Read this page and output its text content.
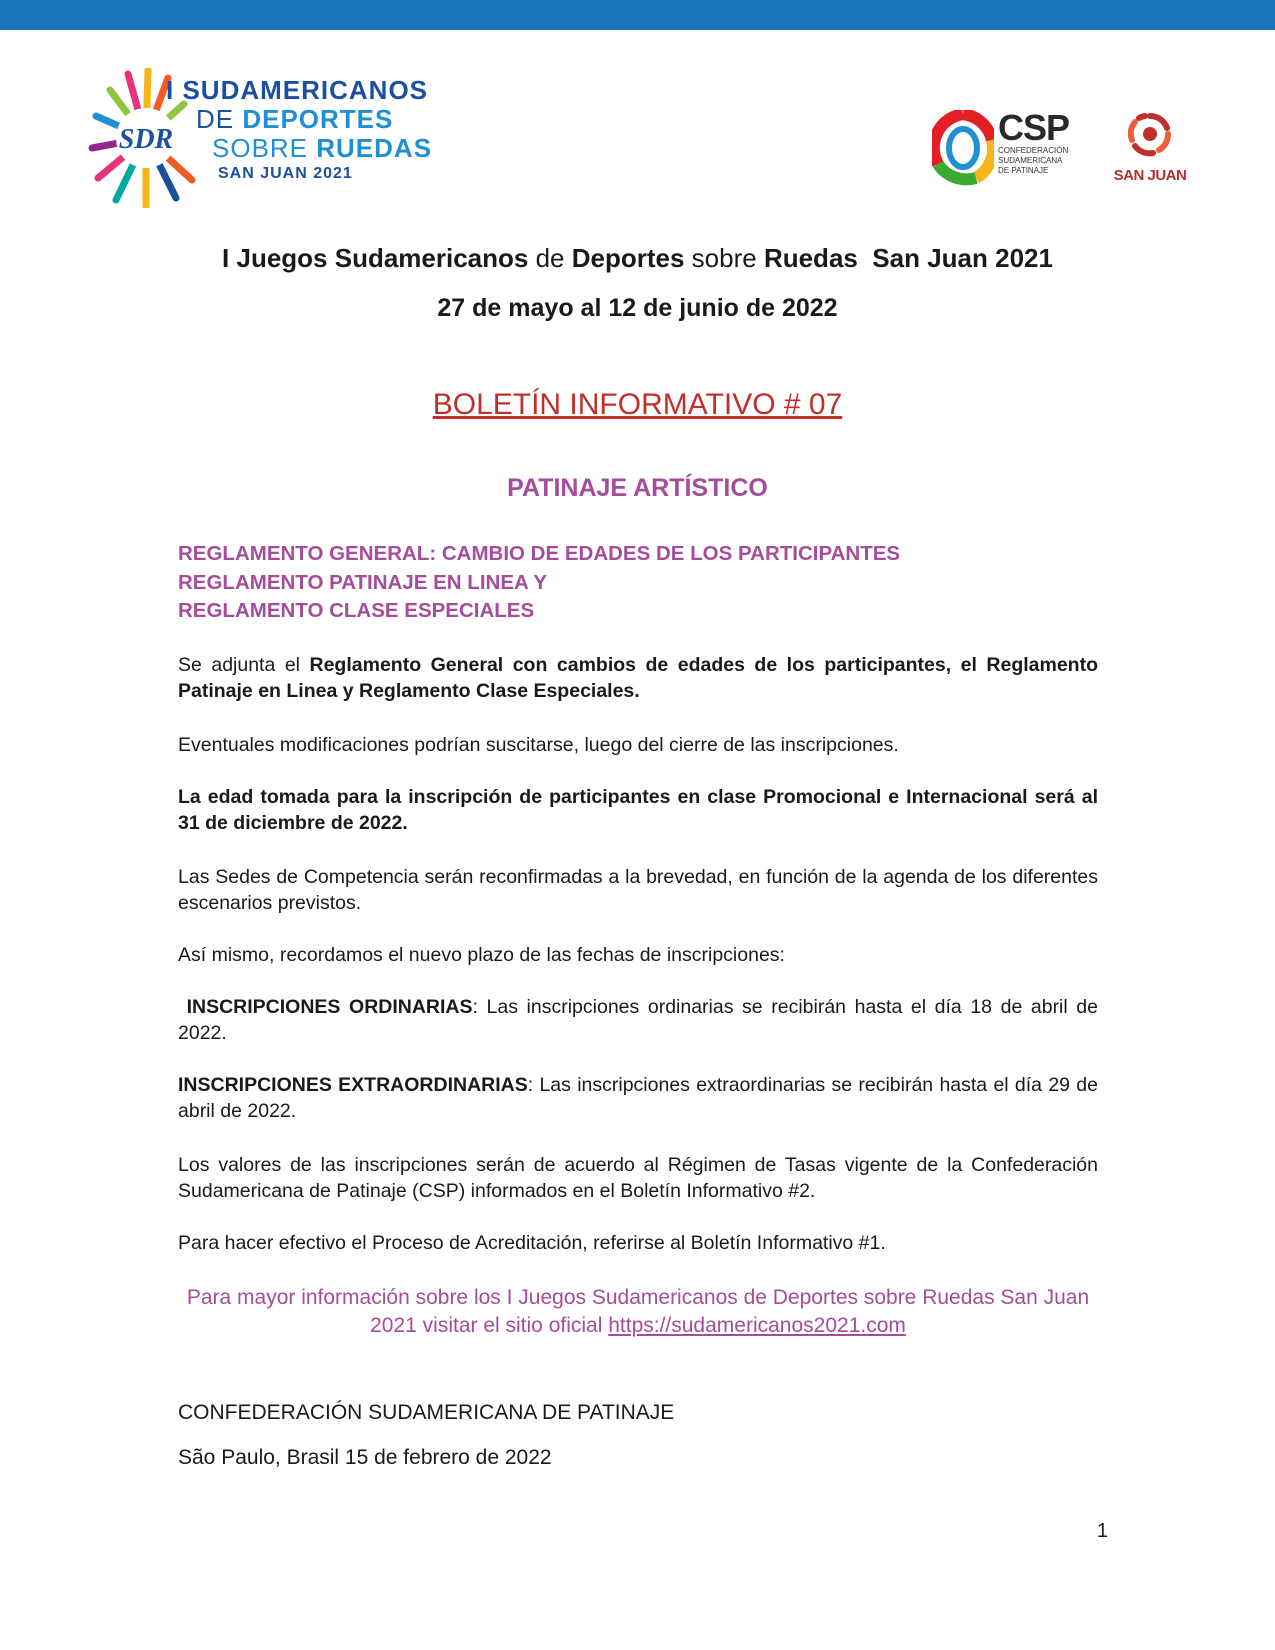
SDR
I SUDAMERICANOS
DE DEPORTES
SOBRE RUEDAS
SAN JUAN 2021
CSP
CONFEDERACIÓN
SUDAMERICANA
DE PATINAJE	SAN JUAN
I Juegos Sudamericanos de Deportes sobre Ruedas  San Juan 2021
27 de mayo al 12 de junio de 2022
BOLETÍN INFORMATIVO # 07
PATINAJE ARTÍSTICO
REGLAMENTO GENERAL: CAMBIO DE EDADES DE LOS PARTICIPANTES
REGLAMENTO PATINAJE EN LINEA Y
REGLAMENTO CLASE ESPECIALES
Se adjunta el Reglamento General con cambios de edades de los participantes, el Reglamento Patinaje en Linea y Reglamento Clase Especiales.
Eventuales modificaciones podrían suscitarse, luego del cierre de las inscripciones.
La edad tomada para la inscripción de participantes en clase Promocional e Internacional será al 31 de diciembre de 2022.
Las Sedes de Competencia serán reconfirmadas a la brevedad, en función de la agenda de los diferentes escenarios previstos.
Así mismo, recordamos el nuevo plazo de las fechas de inscripciones:
INSCRIPCIONES ORDINARIAS: Las inscripciones ordinarias se recibirán hasta el día 18 de abril de 2022.
INSCRIPCIONES EXTRAORDINARIAS: Las inscripciones extraordinarias se recibirán hasta el día 29 de abril de 2022.
Los valores de las inscripciones serán de acuerdo al Régimen de Tasas vigente de la Confederación Sudamericana de Patinaje (CSP) informados en el Boletín Informativo #2.
Para hacer efectivo el Proceso de Acreditación, referirse al Boletín Informativo #1.
Para mayor información sobre los I Juegos Sudamericanos de Deportes sobre Ruedas San Juan 2021 visitar el sitio oficial https://sudamericanos2021.com
CONFEDERACIÓN SUDAMERICANA DE PATINAJE
São Paulo, Brasil 15 de febrero de 2022
1
